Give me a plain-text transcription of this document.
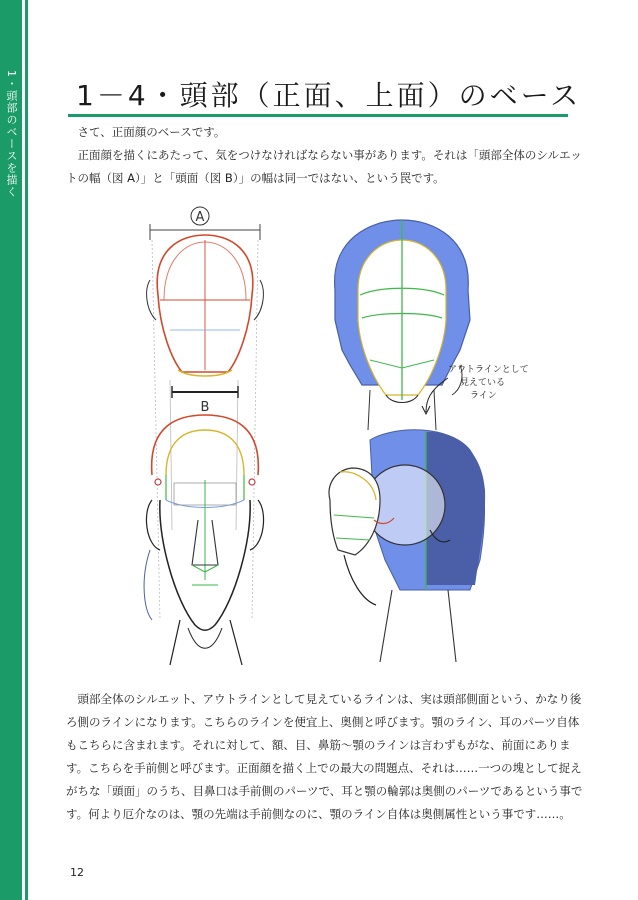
1・頭部のベースを描く 1－4・頭部（正面、上面）のベース
さて、正面顔のベースです。
正面顔を描くにあたって、気をつけなければならない事があります。それは「頭部全体のシルエットの幅（図 A）」と「頭面（図 B）」の幅は同一ではない、という罠です。
A
B
アウトラインとして 見えている ライン
頭部全体のシルエット、アウトラインとして見えているラインは、実は頭部側面という、かなり後ろ側のラインになります。こちらのラインを便宜上、奥側と呼びます。顎のライン、耳のパーツ自体もこちらに含まれます。それに対して、額、目、鼻筋～顎のラインは言わずもがな、前面にあります。こちらを手前側と呼びます。正面顔を描く上での最大の問題点、それは……一つの塊として捉えがちな「頭面」のうち、目鼻口は手前側のパーツで、耳と顎の輪郭は奥側のパーツであるという事です。何より厄介なのは、顎の先端は手前側なのに、顎のライン自体は奥側属性という事です……。
12
